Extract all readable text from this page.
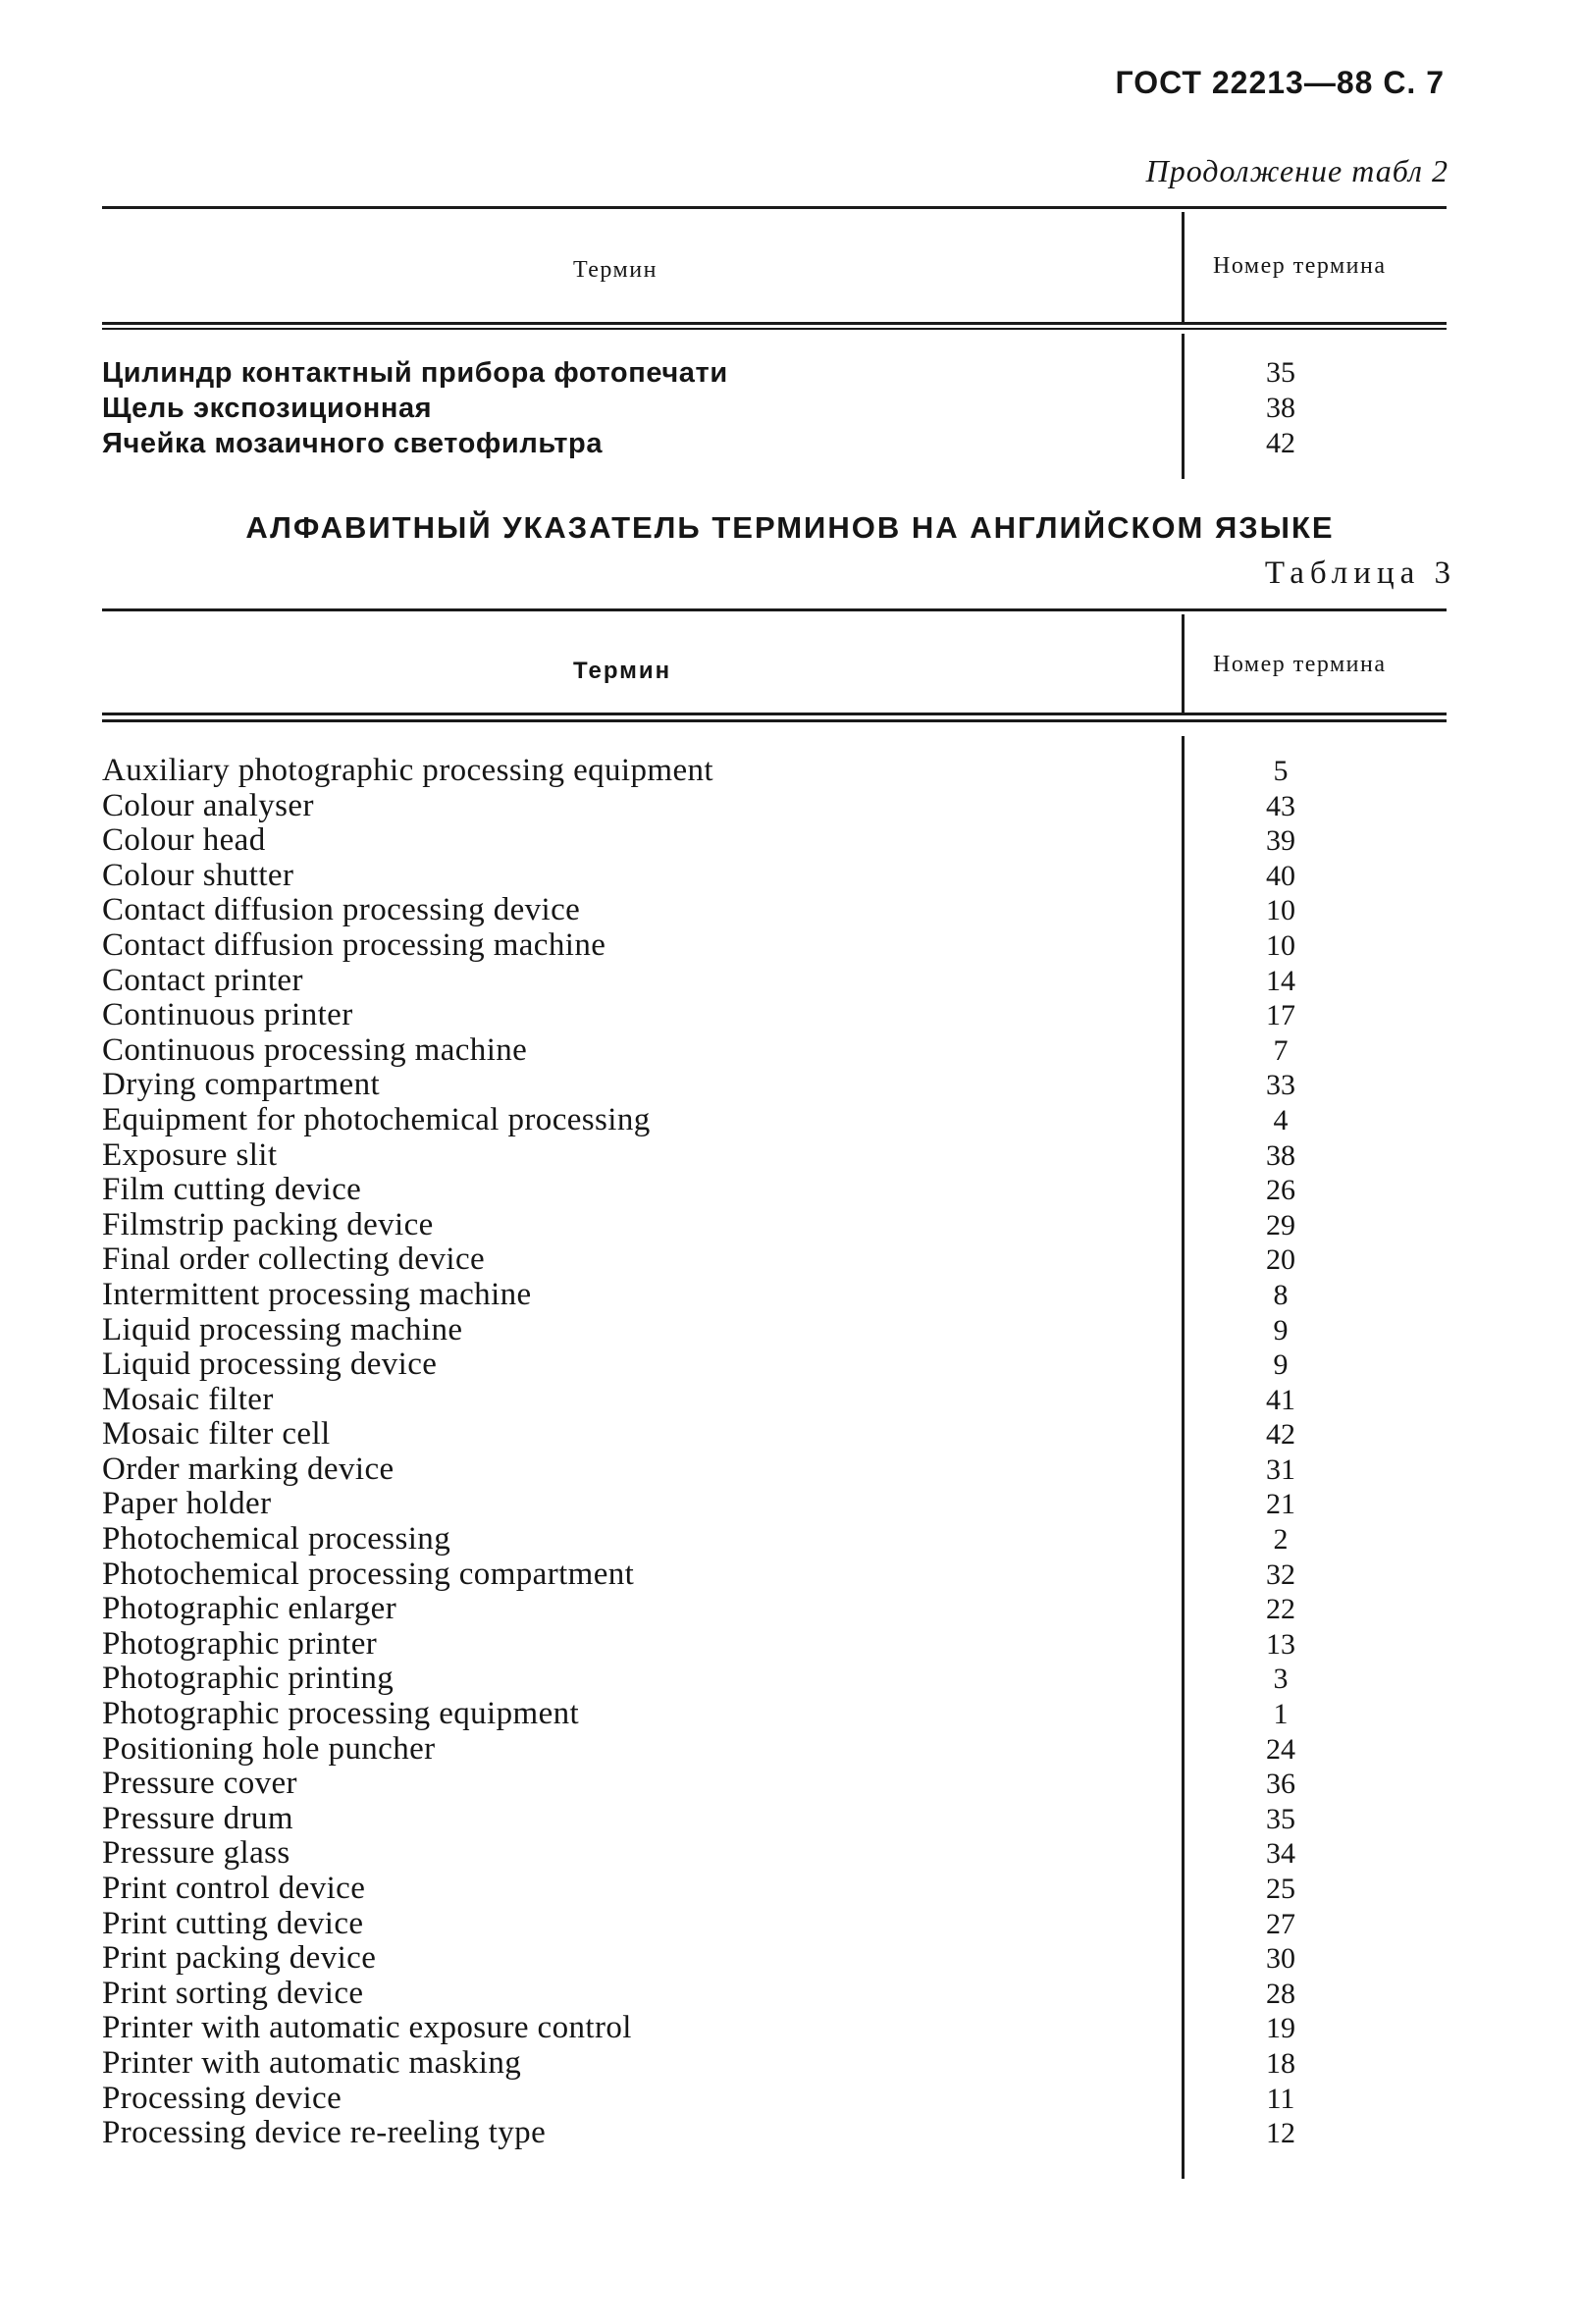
ГОСТ 22213—88 С. 7
Продолжение табл 2
Термин	Номер термина
Цилиндр контактный прибора фотопечати	35
Щель экспозиционная	38
Ячейка мозаичного светофильтра	42
АЛФАВИТНЫЙ УКАЗАТЕЛЬ ТЕРМИНОВ НА АНГЛИЙСКОМ ЯЗЫКЕ
Таблица 3
Термин	Номер термина
Auxiliary photographic processing equipment	5
Colour analyser	43
Colour head	39
Colour shutter	40
Contact diffusion processing device	10
Contact diffusion processing machine	10
Contact printer	14
Continuous printer	17
Continuous processing machine	7
Drying compartment	33
Equipment for photochemical processing	4
Exposure slit	38
Film cutting device	26
Filmstrip packing device	29
Final order collecting device	20
Intermittent processing machine	8
Liquid processing machine	9
Liquid processing device	9
Mosaic filter	41
Mosaic filter cell	42
Order marking device	31
Paper holder	21
Photochemical processing	2
Photochemical processing compartment	32
Photographic enlarger	22
Photographic printer	13
Photographic printing	3
Photographic processing equipment	1
Positioning hole puncher	24
Pressure cover	36
Pressure drum	35
Pressure glass	34
Print control device	25
Print cutting device	27
Print packing device	30
Print sorting device	28
Printer with automatic exposure control	19
Printer with automatic masking	18
Processing device	11
Processing device re-reeling type	12
